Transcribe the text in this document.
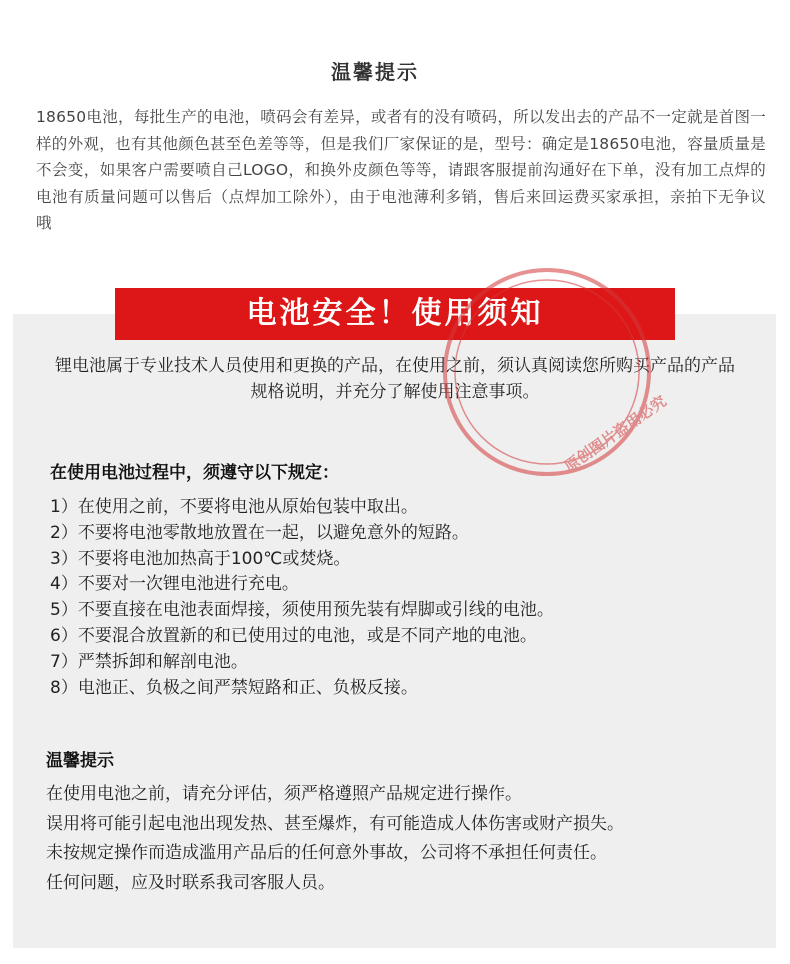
温馨提示
18650电池，每批生产的电池，喷码会有差异，或者有的没有喷码，所以发出去的产品不一定就是首图一样的外观，也有其他颜色甚至色差等等，但是我们厂家保证的是，型号：确定是18650电池，容量质量是不会变，如果客户需要喷自己LOGO，和换外皮颜色等等，请跟客服提前沟通好在下单，没有加工点焊的电池有质量问题可以售后（点焊加工除外），由于电池薄利多销，售后来回运费买家承担，亲拍下无争议哦
电池安全！使用须知
原创图片盗用必究
锂电池属于专业技术人员使用和更换的产品，在使用之前，须认真阅读您所购买产品的产品规格说明，并充分了解使用注意事项。
在使用电池过程中，须遵守以下规定：
1）在使用之前，不要将电池从原始包装中取出。
2）不要将电池零散地放置在一起，以避免意外的短路。
3）不要将电池加热高于100℃或焚烧。
4）不要对一次锂电池进行充电。
5）不要直接在电池表面焊接，须使用预先装有焊脚或引线的电池。
6）不要混合放置新的和已使用过的电池，或是不同产地的电池。
7）严禁拆卸和解剖电池。
8）电池正、负极之间严禁短路和正、负极反接。
温馨提示
在使用电池之前，请充分评估，须严格遵照产品规定进行操作。
误用将可能引起电池出现发热、甚至爆炸，有可能造成人体伤害或财产损失。
未按规定操作而造成滥用产品后的任何意外事故，公司将不承担任何责任。
任何问题，应及时联系我司客服人员。
